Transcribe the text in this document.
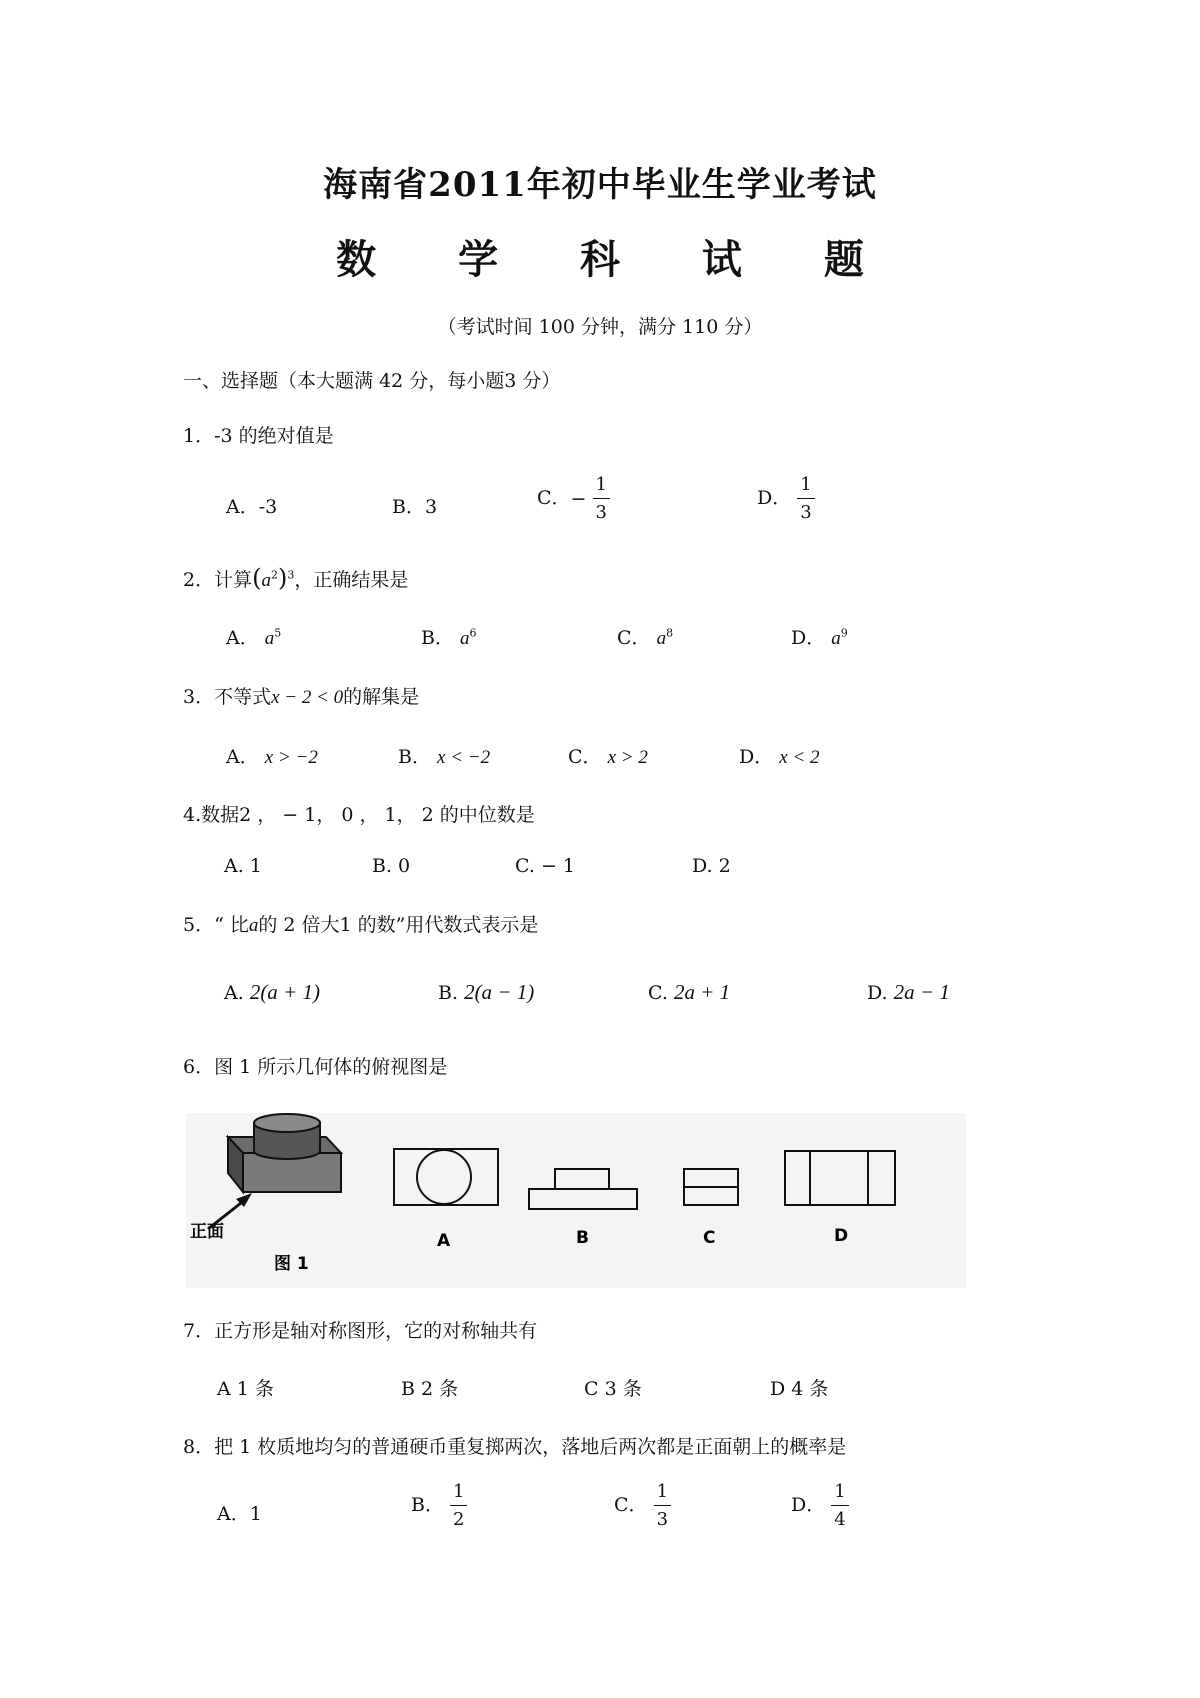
海南省2011年初中毕业生学业考试
数 学 科 试 题
（考试时间 100 分钟，满分 110 分）
一、选择题（本大题满 42 分，每小题3 分）
1．-3 的绝对值是
A．-3	B．3	C．− $\frac{1}{3}$	D． $\frac{1}{3}$
2．计算$(a^2)^3$，正确结果是
A． $a^5$	B． $a^6$	C． $a^8$	D． $a^9$
3．不等式x − 2 < 0的解集是
A． x > −2	B． x < −2	C． x > 2	D． x < 2
4.数据2 ， − 1， 0 ， 1， 2 的中位数是
A. 1	B. 0	C. − 1	D. 2
5．“ 比a的 2 倍大1 的数”用代数式表示是
A. 2(a + 1)	B. 2(a − 1)	C. 2a + 1	D. 2a − 1
6．图 1 所示几何体的俯视图是
正面
图 1
A	B	C	D
7．正方形是轴对称图形，它的对称轴共有
A 1 条	B 2 条	C 3 条	D 4 条
8．把 1 枚质地均匀的普通硬币重复掷两次，落地后两次都是正面朝上的概率是
A．1	B． $\frac{1}{2}$	C． $\frac{1}{3}$	D． $\frac{1}{4}$
